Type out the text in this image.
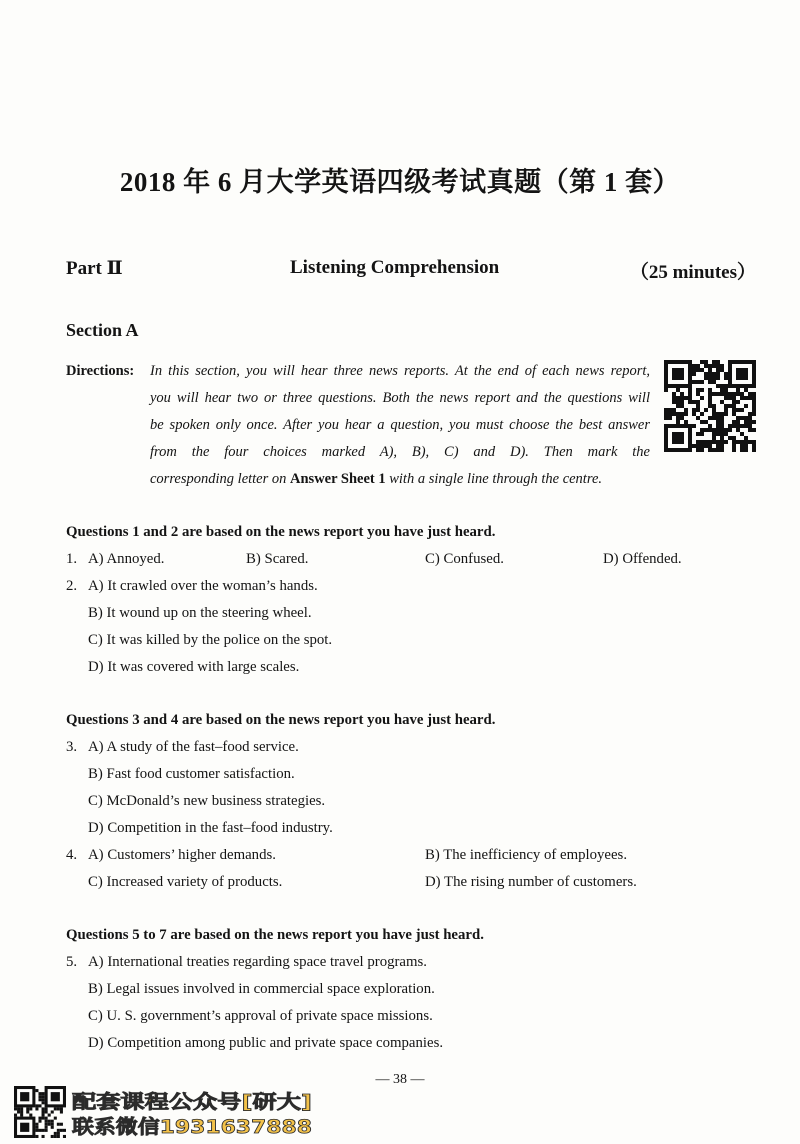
2018 年 6 月大学英语四级考试真题（第 1 套）
Part Ⅱ	Listening Comprehension	（25 minutes）
Section A
Directions: In this section, you will hear three news reports. At the end of each news report,
you will hear two or three questions. Both the news report and the questions will
be spoken only once. After you hear a question, you must choose the best answer
from the four choices marked A), B), C) and D). Then mark the
corresponding letter on Answer Sheet 1 with a single line through the centre.
Questions 1 and 2 are based on the news report you have just heard.
1. A) Annoyed.	B) Scared.	C) Confused.	D) Offended.
2. A) It crawled over the woman’s hands.
B) It wound up on the steering wheel.
C) It was killed by the police on the spot.
D) It was covered with large scales.
Questions 3 and 4 are based on the news report you have just heard.
3. A) A study of the fast–food service.
B) Fast food customer satisfaction.
C) McDonald’s new business strategies.
D) Competition in the fast–food industry.
4. A) Customers’ higher demands.	B) The inefficiency of employees.
C) Increased variety of products.	D) The rising number of customers.
Questions 5 to 7 are based on the news report you have just heard.
5. A) International treaties regarding space travel programs.
B) Legal issues involved in commercial space exploration.
C) U. S. government’s approval of private space missions.
D) Competition among public and private space companies.
— 38 —
配套课程公众号[研大]
联系微信1931637888
